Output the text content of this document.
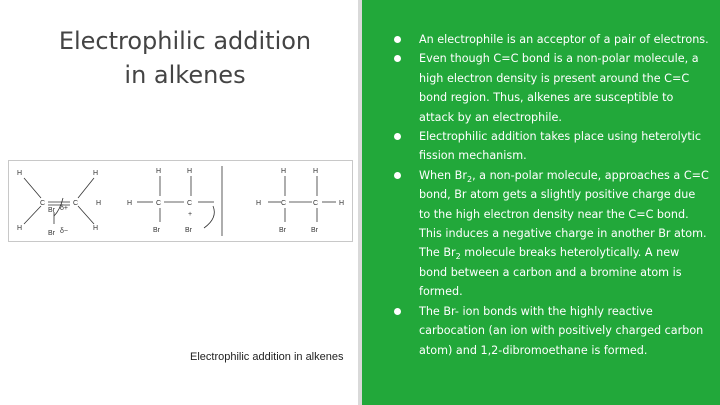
Electrophilic addition
in alkenes
H	H
C	C
H	H
Br δ+
Br δ−
H	H
H	C	C
+
Br	Br
H	H
C	C
Br	Br
H	H
H
Electrophilic addition in alkenes
An electrophile is an acceptor of a pair of electrons.
Even though C=C bond is a non-polar molecule, a high electron density is present around the C=C bond region. Thus, alkenes are susceptible to attack by an electrophile.
Electrophilic addition takes place using heterolytic fission mechanism.
When $Br_2$, a non-polar molecule, approaches a C=C bond, Br atom gets a slightly positive charge due to the high electron density near the C=C bond. This induces a negative charge in another Br atom. The $Br_2$ molecule breaks heterolytically. A new bond between a carbon and a bromine atom is formed.
The Br- ion bonds with the highly reactive carbocation (an ion with positively charged carbon atom) and 1,2-dibromoethane is formed.
